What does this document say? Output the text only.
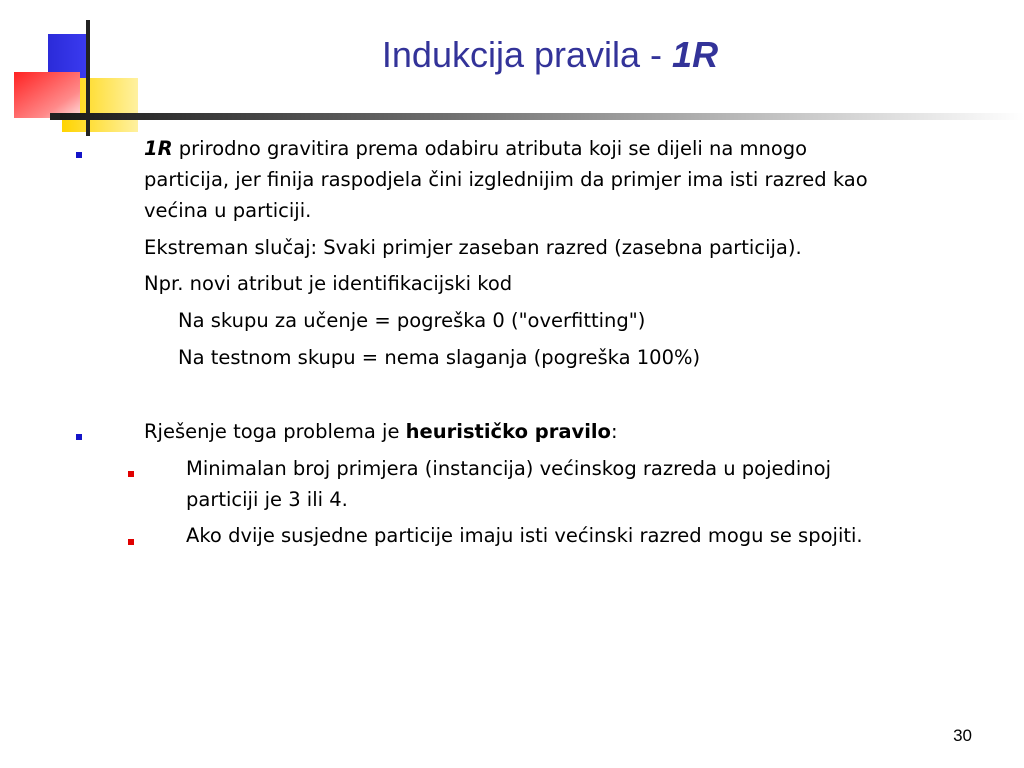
Indukcija pravila - 1R
1R prirodno gravitira prema odabiru atributa koji se dijeli na mnogo
particija, jer finija raspodjela čini izglednijim da primjer ima isti razred kao
većina u particiji.
Ekstreman slučaj: Svaki primjer zaseban razred (zasebna particija).
Npr. novi atribut je identifikacijski kod
Na skupu za učenje = pogreška 0 ("overfitting")
Na testnom skupu = nema slaganja (pogreška 100%)
Rješenje toga problema je heurističko pravilo:
Minimalan broj primjera (instancija) većinskog razreda u pojedinoj
particiji je 3 ili 4.
Ako dvije susjedne particije imaju isti većinski razred mogu se spojiti.
30
